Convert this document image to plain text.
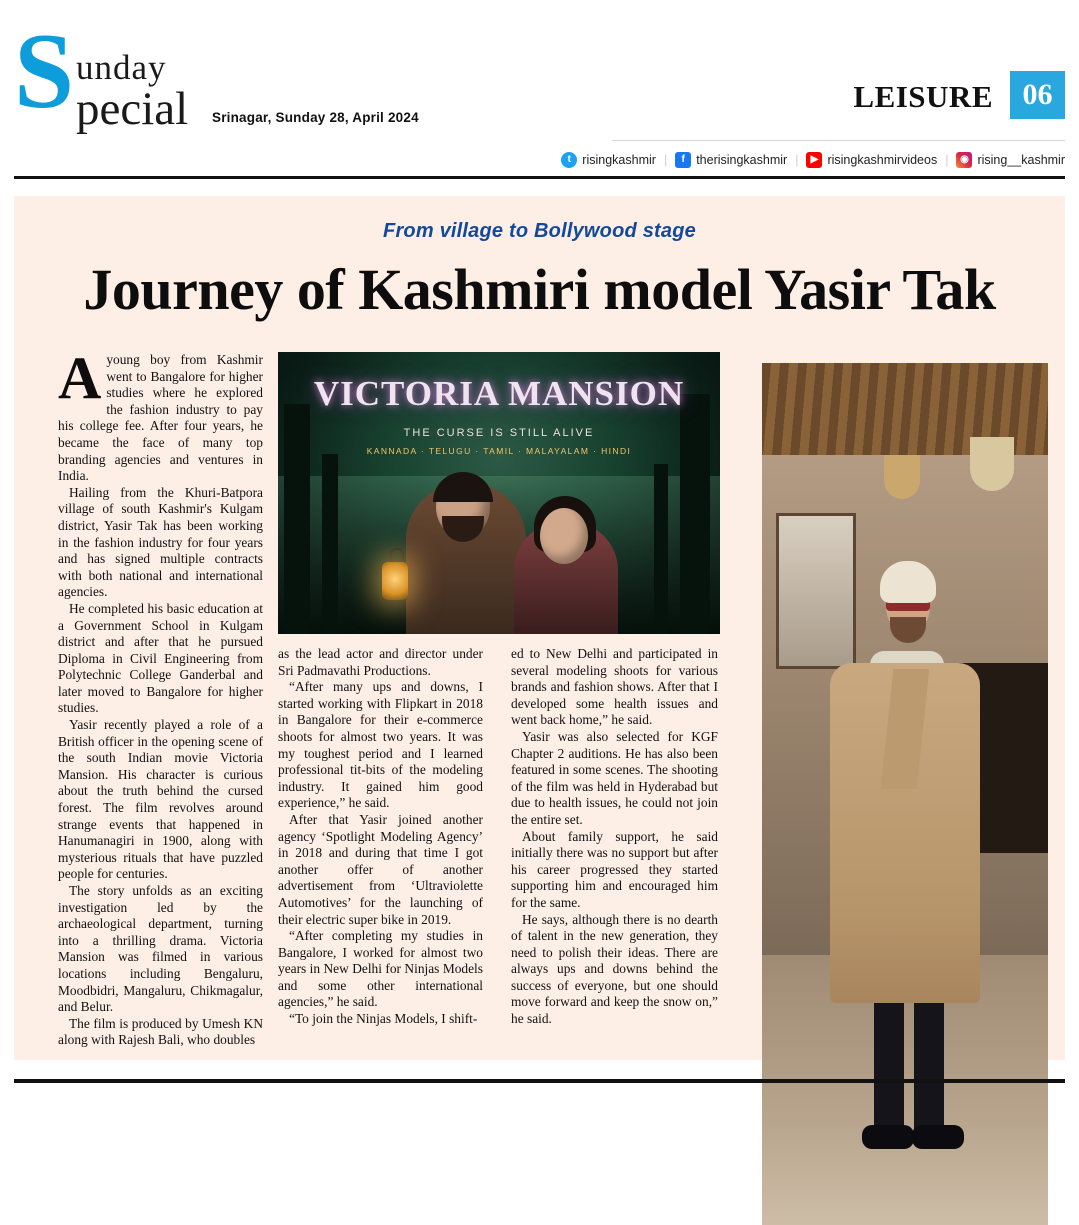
S unday
pecial Srinagar, Sunday 28, April 2024
LEISURE 06
t risingkashmir |	f therisingkashmir |	▶ risingkashmirvideos |	◉ rising__kashmir
From village to Bollywood stage
Journey of Kashmiri model Yasir Tak

Ayoung boy from Kashmir went to Bangalore for higher studies where he explored the fashion industry to pay his college fee. After four years, he became the face of many top branding agencies and ventures in India.

Hailing from the Khuri-Batpora village of south Kashmir's Kulgam district, Yasir Tak has been working in the fashion industry for four years and has signed multiple contracts with both national and international agencies.

He completed his basic education at a Government School in Kulgam district and after that he pursued Diploma in Civil Engineering from Polytechnic College Ganderbal and later moved to Bangalore for higher studies.

Yasir recently played a role of a British officer in the opening scene of the south Indian movie Victoria Mansion. His character is curious about the truth behind the cursed forest. The film revolves around strange events that happened in Hanumanagiri in 1900, along with mysterious rituals that have puzzled people for centuries.

The story unfolds as an exciting investigation led by the archaeological department, turning into a thrilling drama. Victoria Mansion was filmed in various locations including Bengaluru, Moodbidri, Mangaluru, Chikmagalur, and Belur.

The film is produced by Umesh KN along with Rajesh Bali, who doubles

as the lead actor and director under Sri Padmavathi Productions.

“After many ups and downs, I started working with Flipkart in 2018 in Bangalore for their e-commerce shoots for almost two years. It was my toughest period and I learned professional tit-bits of the modeling industry. It gained him good experience,” he said.

After that Yasir joined another agency ‘Spotlight Modeling Agency’ in 2018 and during that time I got another offer of another advertisement from ‘Ultraviolette Automotives’ for the launching of their electric super bike in 2019.

“After completing my studies in Bangalore, I worked for almost two years in New Delhi for Ninjas Models and some other international agencies,” he said.

“To join the Ninjas Models, I shift-

ed to New Delhi and participated in several modeling shoots for various brands and fashion shows. After that I developed some health issues and went back home,” he said.

Yasir was also selected for KGF Chapter 2 auditions. He has also been featured in some scenes. The shooting of the film was held in Hyderabad but due to health issues, he could not join the entire set.

About family support, he said initially there was no support but after his career progressed they started supporting him and encouraged him for the same.

He says, although there is no dearth of talent in the new generation, they need to polish their ideas. There are always ups and downs behind the success of everyone, but one should move forward and keep the snow on,” he said.

VICTORIA MANSION
THE CURSE IS STILL ALIVE
KANNADA · TELUGU · TAMIL · MALAYALAM · HINDI
